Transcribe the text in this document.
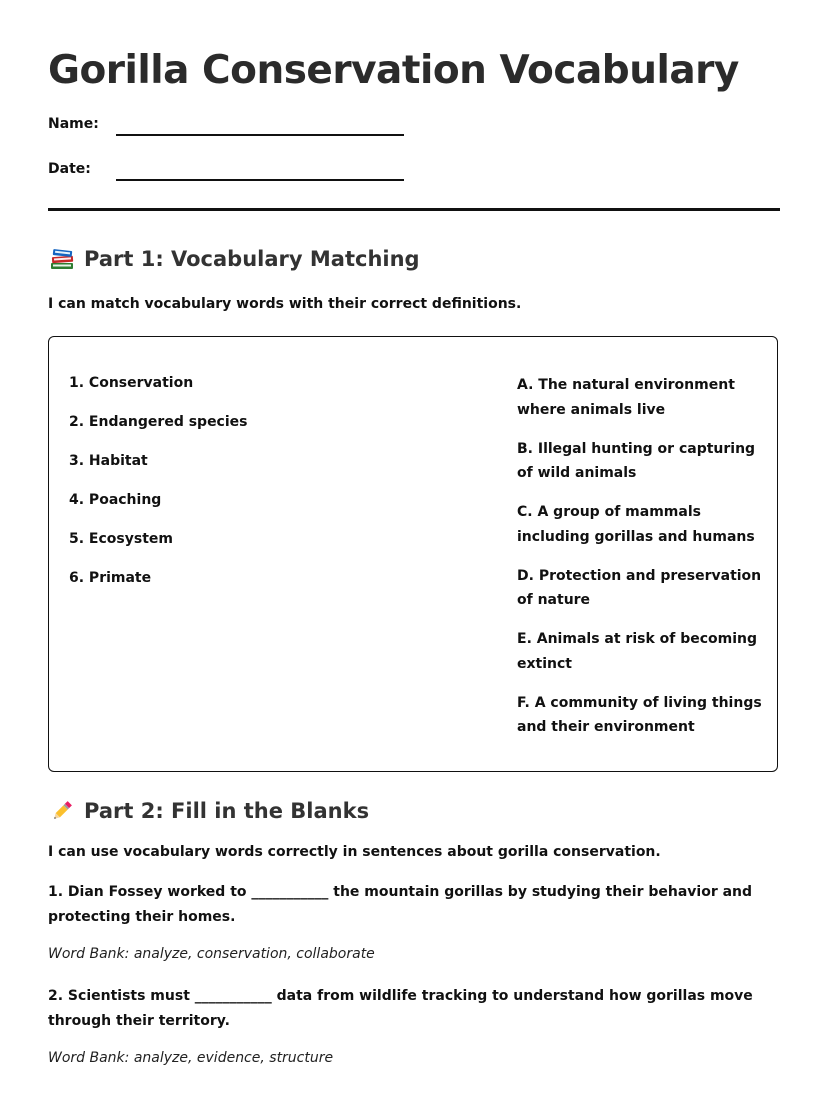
Gorilla Conservation Vocabulary
Name:
Date:
Part 1: Vocabulary Matching
I can match vocabulary words with their correct definitions.
1. Conservation
2. Endangered species
3. Habitat
4. Poaching
5. Ecosystem
6. Primate
A. The natural environment where animals live
B. Illegal hunting or capturing of wild animals
C. A group of mammals including gorillas and humans
D. Protection and preservation of nature
E. Animals at risk of becoming extinct
F. A community of living things and their environment
Part 2: Fill in the Blanks
I can use vocabulary words correctly in sentences about gorilla conservation.
1. Dian Fossey worked to ___________ the mountain gorillas by studying their behavior and protecting their homes.
Word Bank: analyze, conservation, collaborate
2. Scientists must ___________ data from wildlife tracking to understand how gorillas move through their territory.
Word Bank: analyze, evidence, structure
